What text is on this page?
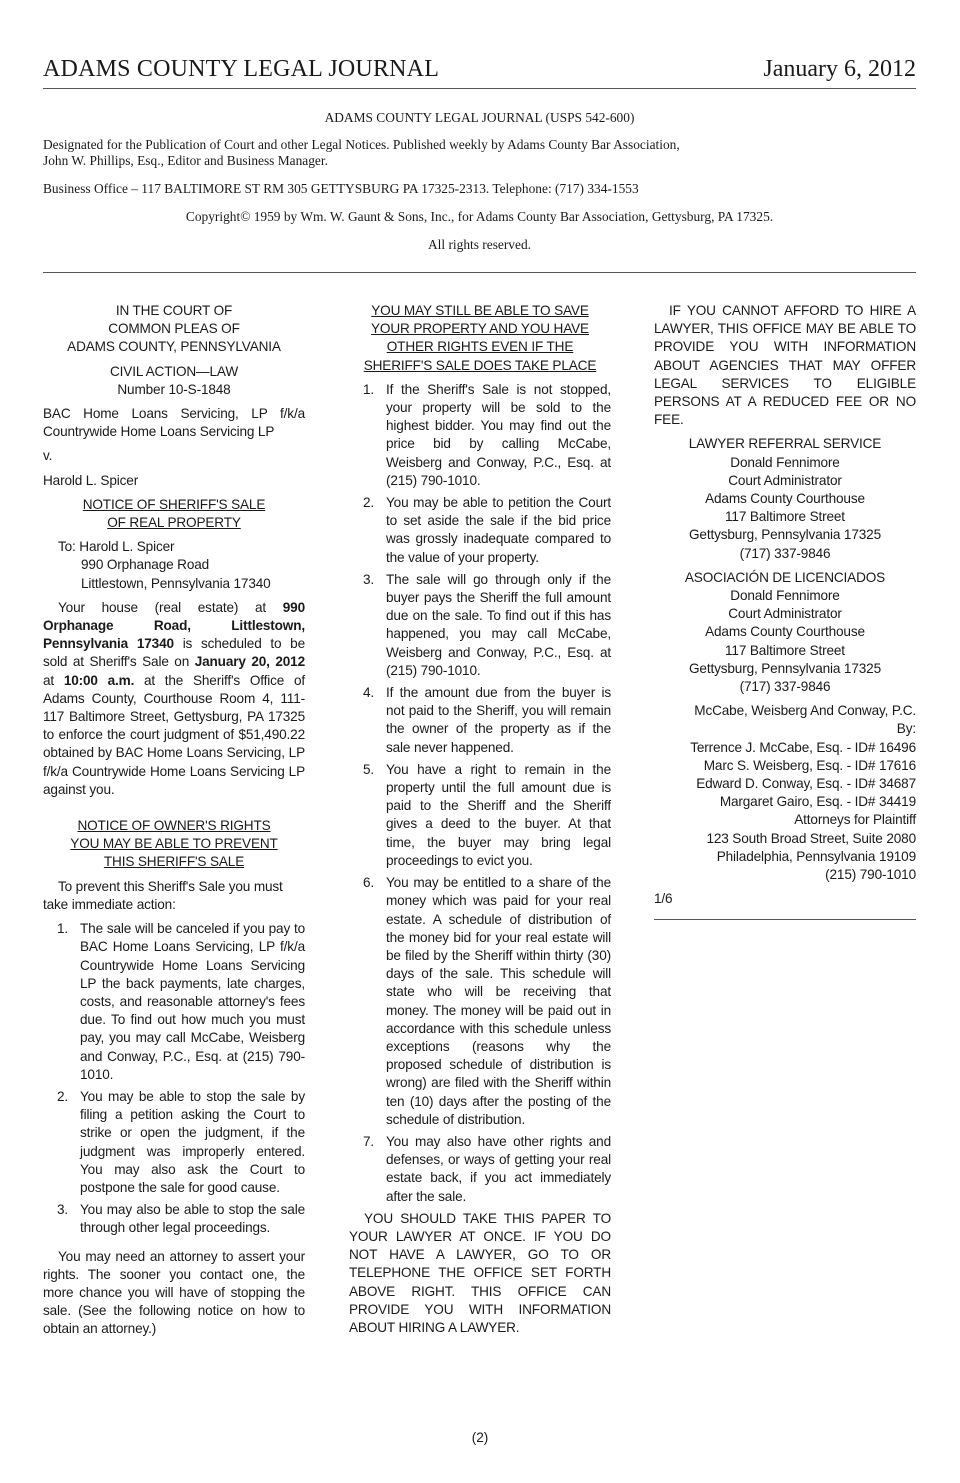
ADAMS COUNTY LEGAL JOURNAL	January 6, 2012

ADAMS COUNTY LEGAL JOURNAL (USPS 542-600)

Designated for the Publication of Court and other Legal Notices. Published weekly by Adams County Bar Association,

John W. Phillips, Esq., Editor and Business Manager.

Business Office – 117 BALTIMORE ST RM 305 GETTYSBURG PA 17325-2313. Telephone: (717) 334-1553

Copyright© 1959 by Wm. W. Gaunt & Sons, Inc., for Adams County Bar Association, Gettysburg, PA 17325.

All rights reserved.

IN THE COURT OF

COMMON PLEAS OF

ADAMS COUNTY, PENNSYLVANIA

CIVIL ACTION—LAW

Number 10-S-1848

BAC Home Loans Servicing, LP f/k/a Countrywide Home Loans Servicing LP

v.

Harold L. Spicer

NOTICE OF SHERIFF'S SALE

OF REAL PROPERTY

To: Harold L. Spicer

990 Orphanage Road

Littlestown, Pennsylvania 17340

Your house (real estate) at 990 Orphanage Road, Littlestown, Pennsylvania 17340 is scheduled to be sold at Sheriff's Sale on January 20, 2012 at 10:00 a.m. at the Sheriff's Office of Adams County, Courthouse Room 4, 111-117 Baltimore Street, Gettysburg, PA 17325 to enforce the court judgment of $51,490.22 obtained by BAC Home Loans Servicing, LP f/k/a Countrywide Home Loans Servicing LP against you.

NOTICE OF OWNER'S RIGHTS

YOU MAY BE ABLE TO PREVENT

THIS SHERIFF'S SALE

To prevent this Sheriff's Sale you must take immediate action:

1. The sale will be canceled if you pay to BAC Home Loans Servicing, LP f/k/a Countrywide Home Loans Servicing LP the back payments, late charges, costs, and reasonable attorney's fees due. To find out how much you must pay, you may call McCabe, Weisberg and Conway, P.C., Esq. at (215) 790-1010.
2. You may be able to stop the sale by filing a petition asking the Court to strike or open the judgment, if the judgment was improperly entered. You may also ask the Court to postpone the sale for good cause.
3. You may also be able to stop the sale through other legal proceedings.

You may need an attorney to assert your rights. The sooner you contact one, the more chance you will have of stopping the sale. (See the following notice on how to obtain an attorney.)

YOU MAY STILL BE ABLE TO SAVE

YOUR PROPERTY AND YOU HAVE

OTHER RIGHTS EVEN IF THE

SHERIFF'S SALE DOES TAKE PLACE

1. If the Sheriff's Sale is not stopped, your property will be sold to the highest bidder. You may find out the price bid by calling McCabe, Weisberg and Conway, P.C., Esq. at (215) 790-1010.
2. You may be able to petition the Court to set aside the sale if the bid price was grossly inadequate compared to the value of your property.
3. The sale will go through only if the buyer pays the Sheriff the full amount due on the sale. To find out if this has happened, you may call McCabe, Weisberg and Conway, P.C., Esq. at (215) 790-1010.
4. If the amount due from the buyer is not paid to the Sheriff, you will remain the owner of the property as if the sale never happened.
5. You have a right to remain in the property until the full amount due is paid to the Sheriff and the Sheriff gives a deed to the buyer. At that time, the buyer may bring legal proceedings to evict you.
6. You may be entitled to a share of the money which was paid for your real estate. A schedule of distribution of the money bid for your real estate will be filed by the Sheriff within thirty (30) days of the sale. This schedule will state who will be receiving that money. The money will be paid out in accordance with this schedule unless exceptions (reasons why the proposed schedule of distribution is wrong) are filed with the Sheriff within ten (10) days after the posting of the schedule of distribution.
7. You may also have other rights and defenses, or ways of getting your real estate back, if you act immediately after the sale.

YOU SHOULD TAKE THIS PAPER TO YOUR LAWYER AT ONCE. IF YOU DO NOT HAVE A LAWYER, GO TO OR TELEPHONE THE OFFICE SET FORTH ABOVE RIGHT. THIS OFFICE CAN PROVIDE YOU WITH INFORMATION ABOUT HIRING A LAWYER.

IF YOU CANNOT AFFORD TO HIRE A LAWYER, THIS OFFICE MAY BE ABLE TO PROVIDE YOU WITH INFORMATION ABOUT AGENCIES THAT MAY OFFER LEGAL SERVICES TO ELIGIBLE PERSONS AT A REDUCED FEE OR NO FEE.

LAWYER REFERRAL SERVICE

Donald Fennimore

Court Administrator

Adams County Courthouse

117 Baltimore Street

Gettysburg, Pennsylvania 17325

(717) 337-9846

ASOCIACIÓN DE LICENCIADOS

Donald Fennimore

Court Administrator

Adams County Courthouse

117 Baltimore Street

Gettysburg, Pennsylvania 17325

(717) 337-9846

McCabe, Weisberg And Conway, P.C.

By:

Terrence J. McCabe, Esq. - ID# 16496

Marc S. Weisberg, Esq. - ID# 17616

Edward D. Conway, Esq. - ID# 34687

Margaret Gairo, Esq. - ID# 34419

Attorneys for Plaintiff

123 South Broad Street, Suite 2080

Philadelphia, Pennsylvania 19109

(215) 790-1010

1/6

(2)
